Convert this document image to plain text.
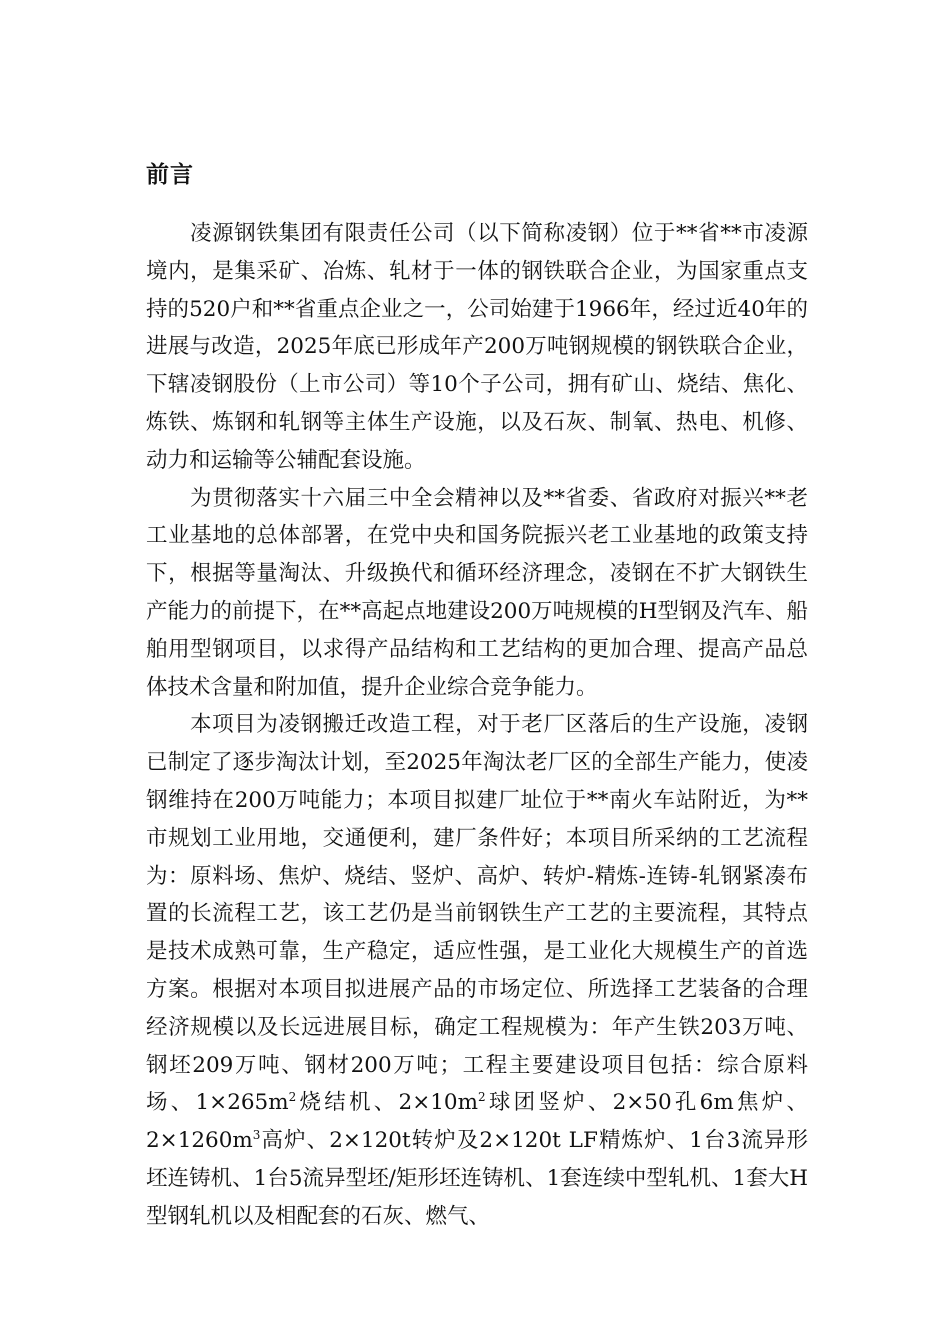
前言

凌源钢铁集团有限责任公司（以下简称凌钢）位于**省**市凌源境内，是集采矿、冶炼、轧材于一体的钢铁联合企业，为国家重点支持的520户和**省重点企业之一，公司始建于1966年，经过近40年的进展与改造，2025年底已形成年产200万吨钢规模的钢铁联合企业，下辖凌钢股份（上市公司）等10个子公司，拥有矿山、烧结、焦化、炼铁、炼钢和轧钢等主体生产设施，以及石灰、制氧、热电、机修、动力和运输等公辅配套设施。

为贯彻落实十六届三中全会精神以及**省委、省政府对振兴**老工业基地的总体部署，在党中央和国务院振兴老工业基地的政策支持下，根据等量淘汰、升级换代和循环经济理念，凌钢在不扩大钢铁生产能力的前提下，在**高起点地建设200万吨规模的H型钢及汽车、船舶用型钢项目，以求得产品结构和工艺结构的更加合理、提高产品总体技术含量和附加值，提升企业综合竞争能力。

本项目为凌钢搬迁改造工程，对于老厂区落后的生产设施，凌钢已制定了逐步淘汰计划，至2025年淘汰老厂区的全部生产能力，使凌钢维持在200万吨能力；本项目拟建厂址位于**南火车站附近，为**市规划工业用地，交通便利，建厂条件好；本项目所采纳的工艺流程为：原料场、焦炉、烧结、竖炉、高炉、转炉-精炼-连铸-轧钢紧凑布置的长流程工艺，该工艺仍是当前钢铁生产工艺的主要流程，其特点是技术成熟可靠，生产稳定，适应性强，是工业化大规模生产的首选方案。根据对本项目拟进展产品的市场定位、所选择工艺装备的合理经济规模以及长远进展目标，确定工程规模为：年产生铁203万吨、钢坯209万吨、钢材200万吨；工程主要建设项目包括：综合原料场、$1\times 265m^2$烧结机、$2\times 10m^2$球团竖炉、2×50孔6m焦炉、$2\times 1260m^3$高炉、2×120t转炉及2×120t LF精炼炉、1台3流异形坯连铸机、1台5流异型坯/矩形坯连铸机、1套连续中型轧机、1套大H型钢轧机以及相配套的石灰、燃气、
